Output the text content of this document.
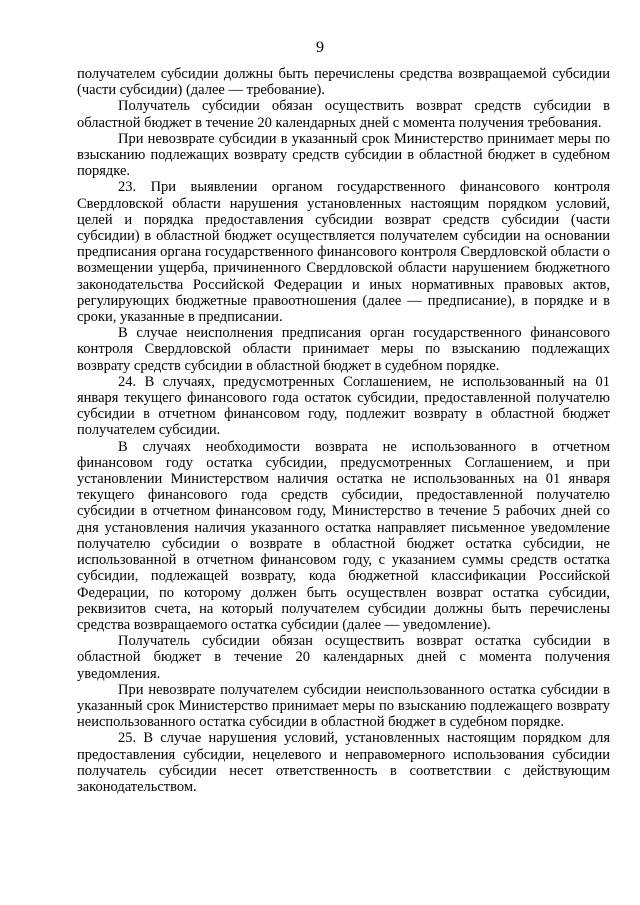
9

получателем субсидии должны быть перечислены средства возвращаемой субсидии (части субсидии) (далее — требование).

Получатель субсидии обязан осуществить возврат средств субсидии в областной бюджет в течение 20 календарных дней с момента получения требования.

При невозврате субсидии в указанный срок Министерство принимает меры по взысканию подлежащих возврату средств субсидии в областной бюджет в судебном порядке.

23. При выявлении органом государственного финансового контроля Свердловской области нарушения установленных настоящим порядком условий, целей и порядка предоставления субсидии возврат средств субсидии (части субсидии) в областной бюджет осуществляется получателем субсидии на основании предписания органа государственного финансового контроля Свердловской области о возмещении ущерба, причиненного Свердловской области нарушением бюджетного законодательства Российской Федерации и иных нормативных правовых актов, регулирующих бюджетные правоотношения (далее — предписание), в порядке и в сроки, указанные в предписании.

В случае неисполнения предписания орган государственного финансового контроля Свердловской области принимает меры по взысканию подлежащих возврату средств субсидии в областной бюджет в судебном порядке.

24. В случаях, предусмотренных Соглашением, не использованный на 01 января текущего финансового года остаток субсидии, предоставленной получателю субсидии в отчетном финансовом году, подлежит возврату в областной бюджет получателем субсидии.

В случаях необходимости возврата не использованного в отчетном финансовом году остатка субсидии, предусмотренных Соглашением, и при установлении Министерством наличия остатка не использованных на 01 января текущего финансового года средств субсидии, предоставленной получателю субсидии в отчетном финансовом году, Министерство в течение 5 рабочих дней со дня установления наличия указанного остатка направляет письменное уведомление получателю субсидии о возврате в областной бюджет остатка субсидии, не использованной в отчетном финансовом году, с указанием суммы средств остатка субсидии, подлежащей возврату, кода бюджетной классификации Российской Федерации, по которому должен быть осуществлен возврат остатка субсидии, реквизитов счета, на который получателем субсидии должны быть перечислены средства возвращаемого остатка субсидии (далее — уведомление).

Получатель субсидии обязан осуществить возврат остатка субсидии в областной бюджет в течение 20 календарных дней с момента получения уведомления.

При невозврате получателем субсидии неиспользованного остатка субсидии в указанный срок Министерство принимает меры по взысканию подлежащего возврату неиспользованного остатка субсидии в областной бюджет в судебном порядке.

25. В случае нарушения условий, установленных настоящим порядком для предоставления субсидии, нецелевого и неправомерного использования субсидии получатель субсидии несет ответственность в соответствии с действующим законодательством.
